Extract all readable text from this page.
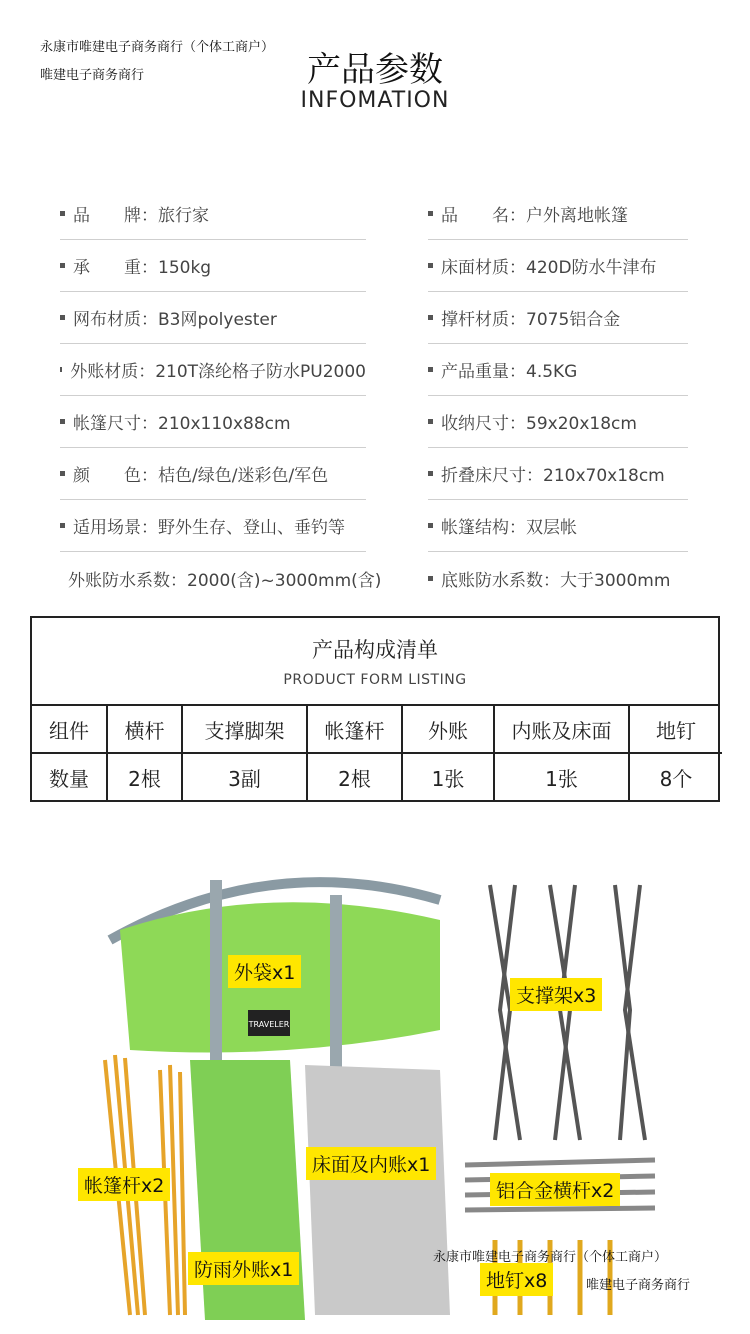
永康市唯建电子商务商行（个体工商户）
唯建电子商务商行	产品参数
INFOMATION
品　　牌：旅行家	品　　名：户外离地帐篷
承　　重：150kg	床面材质：420D防水牛津布
网布材质：B3网polyester	撑杆材质：7075铝合金
外账材质：210T涤纶格子防水PU2000	产品重量：4.5KG
帐篷尺寸：210x110x88cm	收纳尺寸：59x20x18cm
颜　　色：桔色/绿色/迷彩色/军色	折叠床尺寸：210x70x18cm
适用场景：野外生存、登山、垂钓等	帐篷结构：双层帐
外账防水系数：2000(含)~3000mm(含)	底账防水系数：大于3000mm
产品构成清单
PRODUCT FORM LISTING
组件	横杆	支撑脚架	帐篷杆	外账	内账及床面	地钉
数量	2根	3副	2根	1张	1张	8个
TRAVELER
外袋x1
支撑架x3
帐篷杆x2
床面及内账x1
铝合金横杆x2
防雨外账x1	地钉x8
永康市唯建电子商务商行（个体工商户）
唯建电子商务商行
